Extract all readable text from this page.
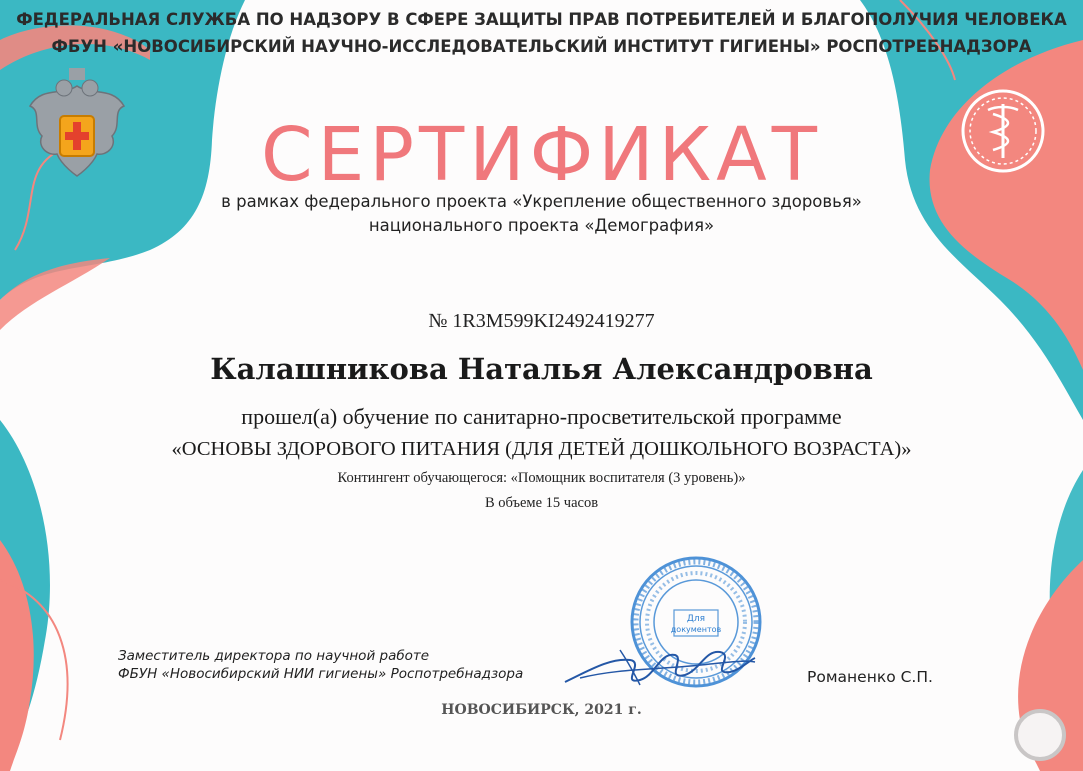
ФЕДЕРАЛЬНАЯ СЛУЖБА ПО НАДЗОРУ В СФЕРЕ ЗАЩИТЫ ПРАВ ПОТРЕБИТЕЛЕЙ И БЛАГОПОЛУЧИЯ ЧЕЛОВЕКА
ФБУН «НОВОСИБИРСКИЙ НАУЧНО-ИССЛЕДОВАТЕЛЬСКИЙ ИНСТИТУТ ГИГИЕНЫ» РОСПОТРЕБНАДЗОРА
СЕРТИФИКАТ
в рамках федерального проекта «Укрепление общественного здоровья»
национального проекта «Демография»
№ 1R3M599KI2492419277
Калашникова Наталья Александровна
прошел(а) обучение по санитарно-просветительской программе
«ОСНОВЫ ЗДОРОВОГО ПИТАНИЯ (ДЛЯ ДЕТЕЙ ДОШКОЛЬНОГО ВОЗРАСТА)»
Контингент обучающегося: «Помощник воспитателя (3 уровень)»
В объеме 15 часов
Для
документов
Заместитель директора по научной работе
ФБУН «Новосибирский НИИ гигиены» Роспотребнадзора	Романенко С.П.
НОВОСИБИРСК, 2021 г.
